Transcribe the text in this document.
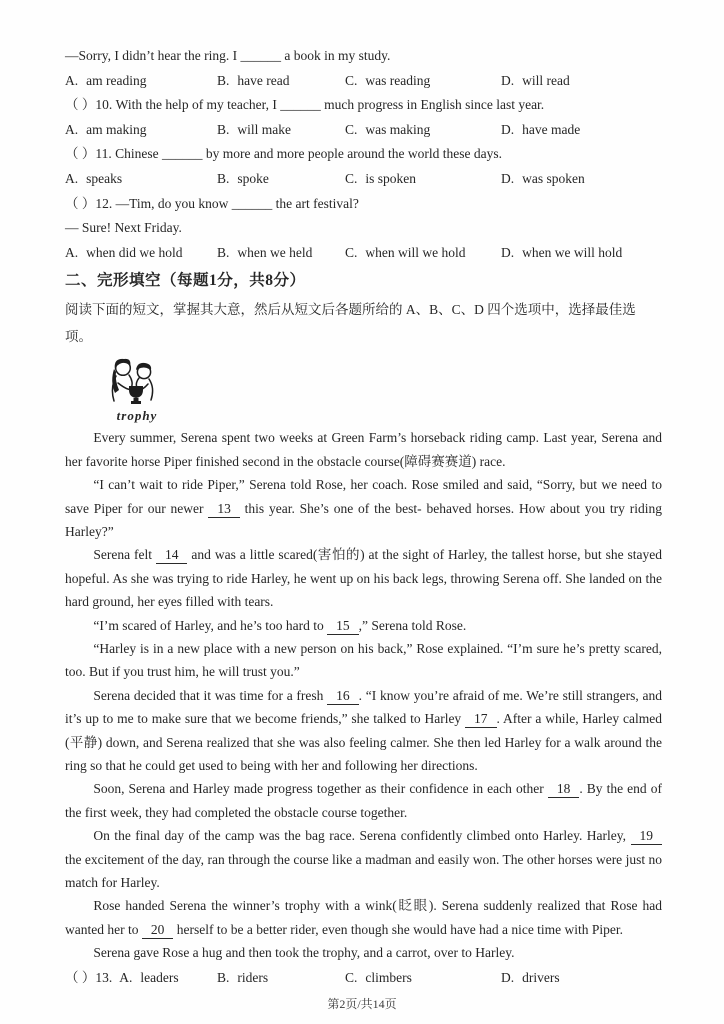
—Sorry, I didn’t hear the ring. I ______ a book in my study.
A. am reading	B. have read	C. was reading	D. will read
（ ）10. With the help of my teacher, I ______ much progress in English since last year.
A. am making	B. will make	C. was making	D. have made
（ ）11. Chinese ______ by more and more people around the world these days.
A. speaks	B. spoke	C. is spoken	D. was spoken
（ ）12. —Tim, do you know ______ the art festival?
— Sure! Next Friday.
A. when did we hold	B. when we held	C. when will we hold	D. when we will hold
二、完形填空（每题1分，共8分）
阅读下面的短文，掌握其大意，然后从短文后各题所给的 A、B、C、D 四个选项中，选择最佳选项。
trophy
Every summer, Serena spent two weeks at Green Farm’s horseback riding camp. Last year, Serena and her favorite horse Piper finished second in the obstacle course(障碍赛赛道) race.
“I can’t wait to ride Piper,” Serena told Rose, her coach. Rose smiled and said, “Sorry, but we need to save Piper for our newer 13 this year. She’s one of the best- behaved horses. How about you try riding Harley?”
Serena felt 14 and was a little scared(害怕的) at the sight of Harley, the tallest horse, but she stayed hopeful. As she was trying to ride Harley, he went up on his back legs, throwing Serena off. She landed on the hard ground, her eyes filled with tears.
“I’m scared of Harley, and he’s too hard to 15 ,” Serena told Rose.
“Harley is in a new place with a new person on his back,” Rose explained. “I’m sure he’s pretty scared, too. But if you trust him, he will trust you.”
Serena decided that it was time for a fresh 16 . “I know you’re afraid of me. We’re still strangers, and it’s up to me to make sure that we become friends,” she talked to Harley 17 . After a while, Harley calmed (平静) down, and Serena realized that she was also feeling calmer. She then led Harley for a walk around the ring so that he could get used to being with her and following her directions.
Soon, Serena and Harley made progress together as their confidence in each other 18 . By the end of the first week, they had completed the obstacle course together.
On the final day of the camp was the bag race. Serena confidently climbed onto Harley. Harley, 19 the excitement of the day, ran through the course like a madman and easily won. The other horses were just no match for Harley.
Rose handed Serena the winner’s trophy with a wink(眨眼). Serena suddenly realized that Rose had wanted her to 20 herself to be a better rider, even though she would have had a nice time with Piper.
Serena gave Rose a hug and then took the trophy, and a carrot, over to Harley.
（ ）13. A. leaders	B. riders	C. climbers	D. drivers
第2页/共14页
